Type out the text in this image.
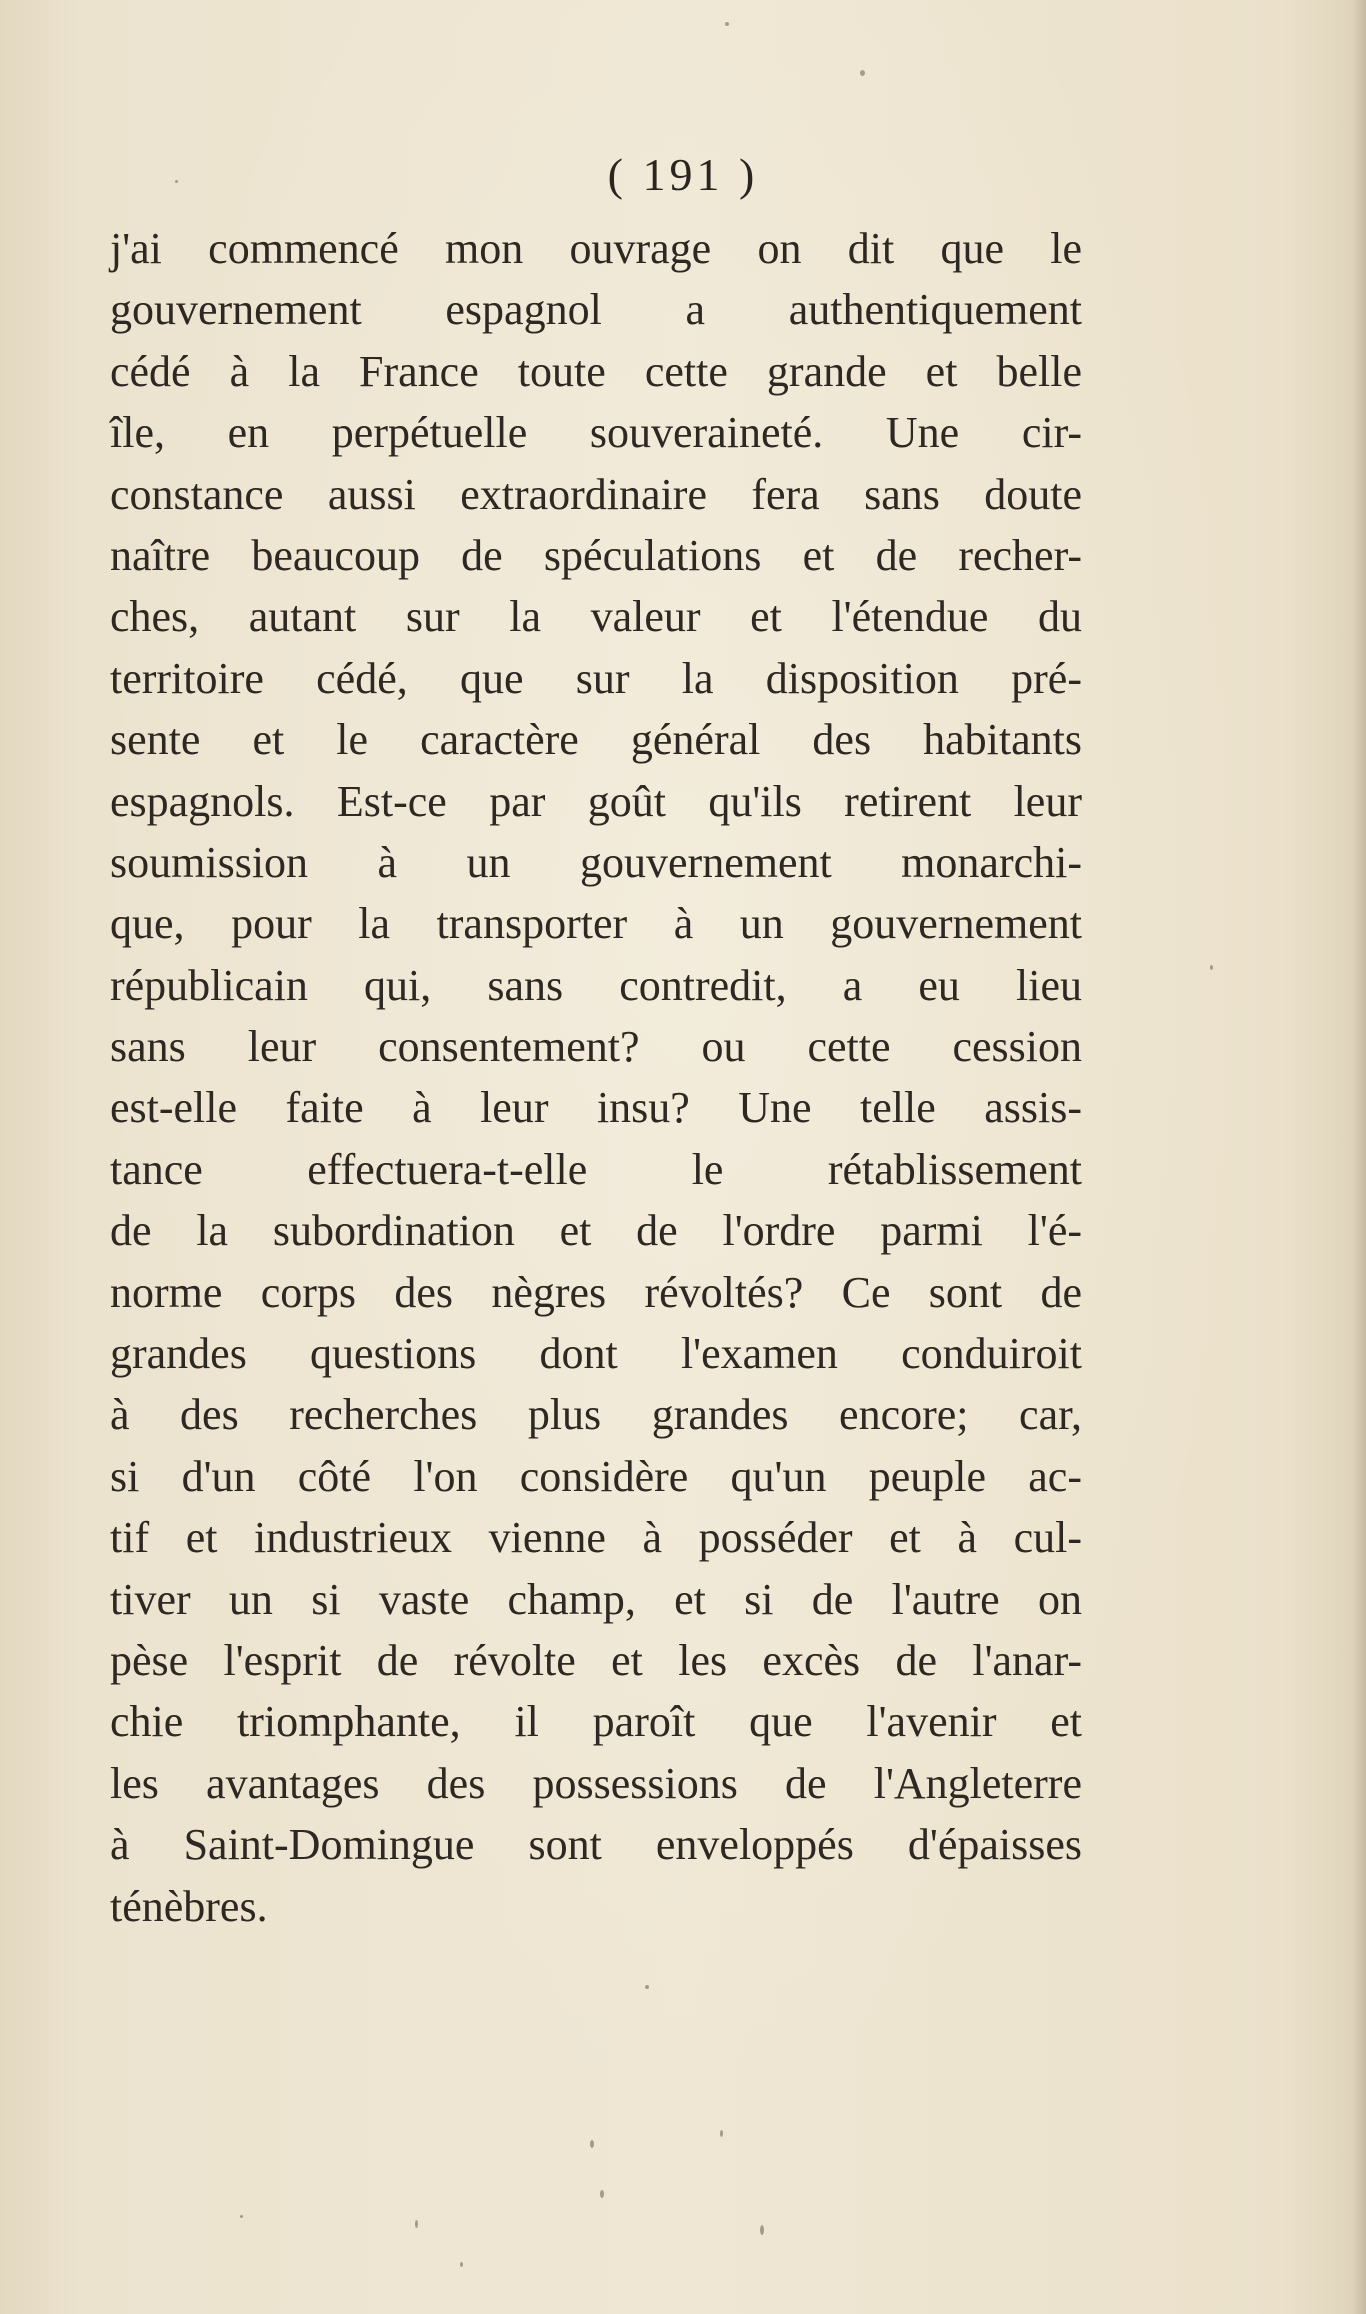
( 191 )
j'ai commencé mon ouvrage on dit que le
gouvernement espagnol a authentiquement
cédé à la France toute cette grande et belle
île, en perpétuelle souveraineté. Une cir-
constance aussi extraordinaire fera sans doute
naître beaucoup de spéculations et de recher-
ches, autant sur la valeur et l'étendue du
territoire cédé, que sur la disposition pré-
sente et le caractère général des habitants
espagnols. Est-ce par goût qu'ils retirent leur
soumission à un gouvernement monarchi-
que, pour la transporter à un gouvernement
républicain qui, sans contredit, a eu lieu
sans leur consentement? ou cette cession
est-elle faite à leur insu? Une telle assis-
tance effectuera-t-elle le rétablissement
de la subordination et de l'ordre parmi l'é-
norme corps des nègres révoltés? Ce sont de
grandes questions dont l'examen conduiroit
à des recherches plus grandes encore; car,
si d'un côté l'on considère qu'un peuple ac-
tif et industrieux vienne à posséder et à cul-
tiver un si vaste champ, et si de l'autre on
pèse l'esprit de révolte et les excès de l'anar-
chie triomphante, il paroît que l'avenir et
les avantages des possessions de l'Angleterre
à Saint-Domingue sont enveloppés d'épaisses
ténèbres.
